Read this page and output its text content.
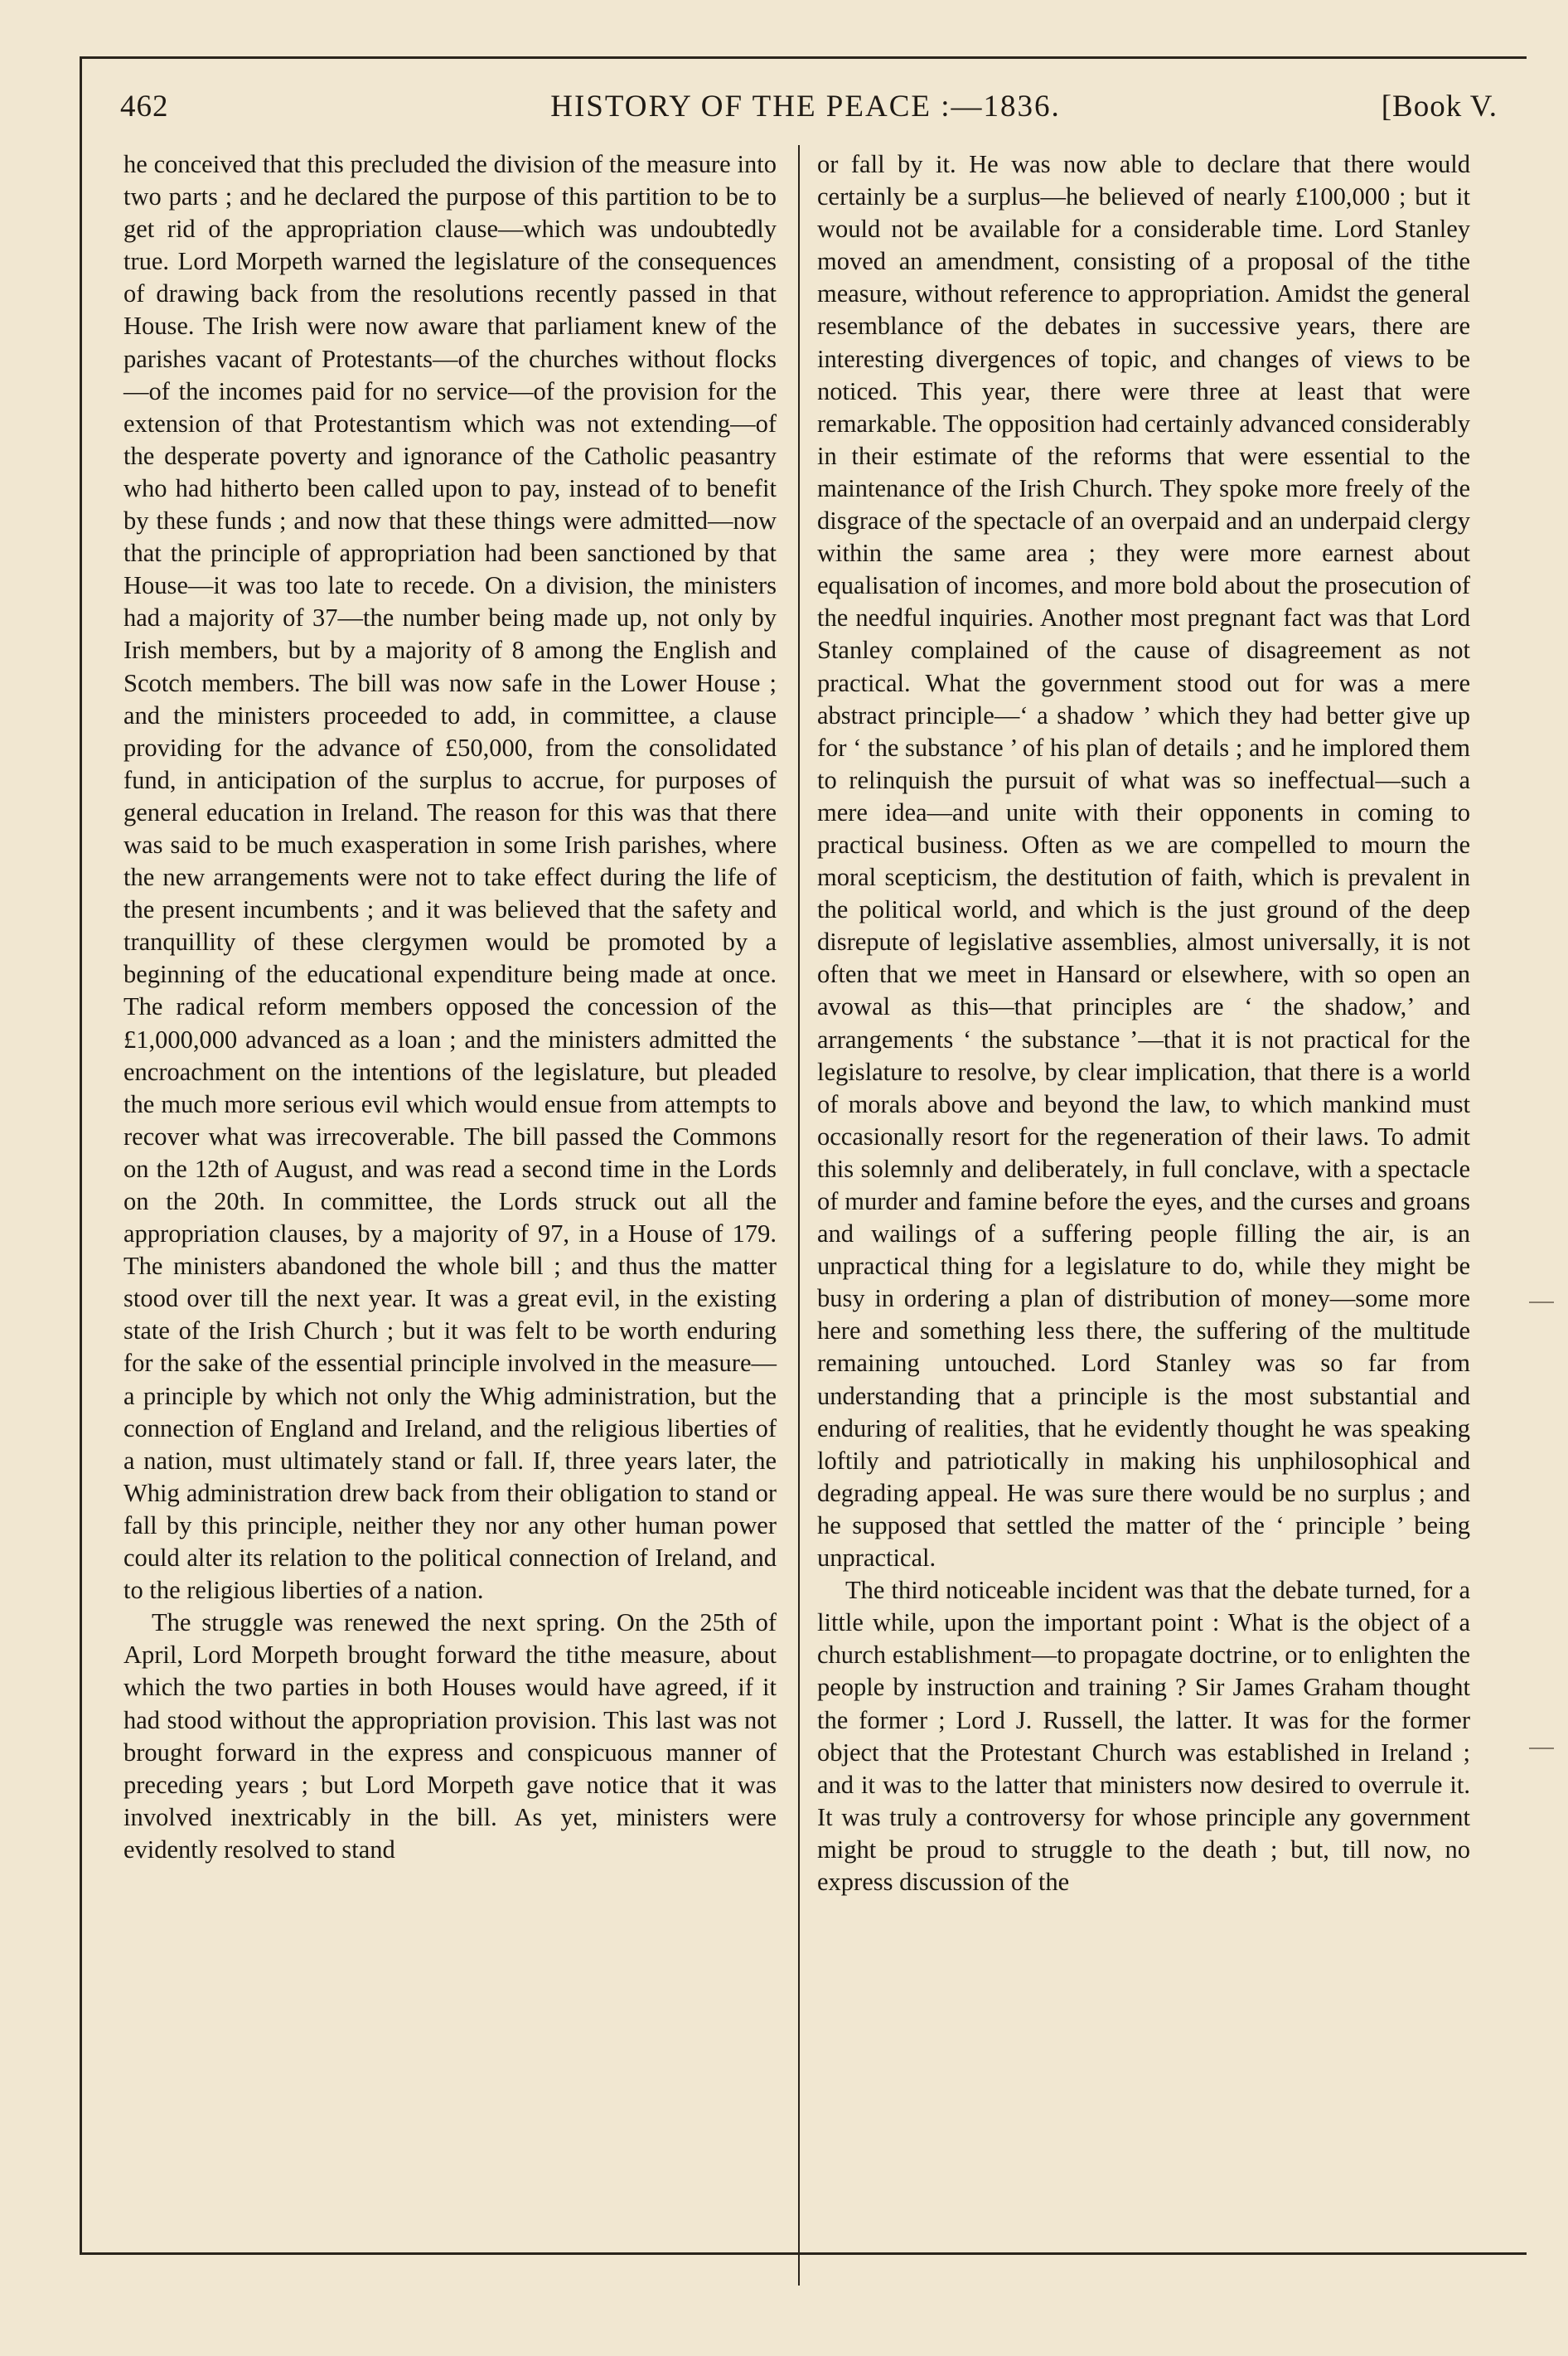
462	HISTORY OF THE PEACE :—1836.	[Book V.

he conceived that this precluded the division of the measure into two parts ; and he declared the purpose of this partition to be to get rid of the appropriation clause—which was undoubtedly true. Lord Morpeth warned the legislature of the consequences of drawing back from the resolutions recently passed in that House. The Irish were now aware that parliament knew of the parishes vacant of Protestants—of the churches without flocks—of the incomes paid for no service—of the provision for the extension of that Protestantism which was not extending—of the desperate poverty and ignorance of the Catholic peasantry who had hitherto been called upon to pay, instead of to benefit by these funds ; and now that these things were admitted—now that the principle of appropriation had been sanctioned by that House—it was too late to recede. On a division, the ministers had a majority of 37—the number being made up, not only by Irish members, but by a majority of 8 among the English and Scotch members. The bill was now safe in the Lower House ; and the ministers proceeded to add, in committee, a clause providing for the advance of £50,000, from the consolidated fund, in anticipation of the surplus to accrue, for purposes of general education in Ireland. The reason for this was that there was said to be much exasperation in some Irish parishes, where the new arrangements were not to take effect during the life of the present incumbents ; and it was believed that the safety and tranquillity of these clergymen would be promoted by a beginning of the educational expenditure being made at once. The radical reform members opposed the concession of the £1,000,000 advanced as a loan ; and the ministers admitted the encroachment on the intentions of the legislature, but pleaded the much more serious evil which would ensue from attempts to recover what was irrecoverable. The bill passed the Commons on the 12th of August, and was read a second time in the Lords on the 20th. In committee, the Lords struck out all the appropriation clauses, by a majority of 97, in a House of 179. The ministers abandoned the whole bill ; and thus the matter stood over till the next year. It was a great evil, in the existing state of the Irish Church ; but it was felt to be worth enduring for the sake of the essential principle involved in the measure—a principle by which not only the Whig administration, but the connection of England and Ireland, and the religious liberties of a nation, must ultimately stand or fall. If, three years later, the Whig administration drew back from their obligation to stand or fall by this principle, neither they nor any other human power could alter its relation to the political connection of Ireland, and to the religious liberties of a nation.

The struggle was renewed the next spring. On the 25th of April, Lord Morpeth brought forward the tithe measure, about which the two parties in both Houses would have agreed, if it had stood without the appropriation provision. This last was not brought forward in the express and conspicuous manner of preceding years ; but Lord Morpeth gave notice that it was involved inextricably in the bill. As yet, ministers were evidently resolved to stand

or fall by it. He was now able to declare that there would certainly be a surplus—he believed of nearly £100,000 ; but it would not be available for a considerable time. Lord Stanley moved an amendment, consisting of a proposal of the tithe measure, without reference to appropriation. Amidst the general resemblance of the debates in successive years, there are interesting divergences of topic, and changes of views to be noticed. This year, there were three at least that were remarkable. The opposition had certainly advanced considerably in their estimate of the reforms that were essential to the maintenance of the Irish Church. They spoke more freely of the disgrace of the spectacle of an overpaid and an underpaid clergy within the same area ; they were more earnest about equalisation of incomes, and more bold about the prosecution of the needful inquiries. Another most pregnant fact was that Lord Stanley complained of the cause of disagreement as not practical. What the government stood out for was a mere abstract principle—‘ a shadow ’ which they had better give up for ‘ the substance ’ of his plan of details ; and he implored them to relinquish the pursuit of what was so ineffectual—such a mere idea—and unite with their opponents in coming to practical business. Often as we are compelled to mourn the moral scepticism, the destitution of faith, which is prevalent in the political world, and which is the just ground of the deep disrepute of legislative assemblies, almost universally, it is not often that we meet in Hansard or elsewhere, with so open an avowal as this—that principles are ‘ the shadow,’ and arrangements ‘ the substance ’—that it is not practical for the legislature to resolve, by clear implication, that there is a world of morals above and beyond the law, to which mankind must occasionally resort for the regeneration of their laws. To admit this solemnly and deliberately, in full conclave, with a spectacle of murder and famine before the eyes, and the curses and groans and wailings of a suffering people filling the air, is an unpractical thing for a legislature to do, while they might be busy in ordering a plan of distribution of money—some more here and something less there, the suffering of the multitude remaining untouched. Lord Stanley was so far from understanding that a principle is the most substantial and enduring of realities, that he evidently thought he was speaking loftily and patriotically in making his unphilosophical and degrading appeal. He was sure there would be no surplus ; and he supposed that settled the matter of the ‘ principle ’ being unpractical.

The third noticeable incident was that the debate turned, for a little while, upon the important point : What is the object of a church establishment—to propagate doctrine, or to enlighten the people by instruction and training ? Sir James Graham thought the former ; Lord J. Russell, the latter. It was for the former object that the Protestant Church was established in Ireland ; and it was to the latter that ministers now desired to overrule it. It was truly a controversy for whose principle any government might be proud to struggle to the death ; but, till now, no express discussion of the
